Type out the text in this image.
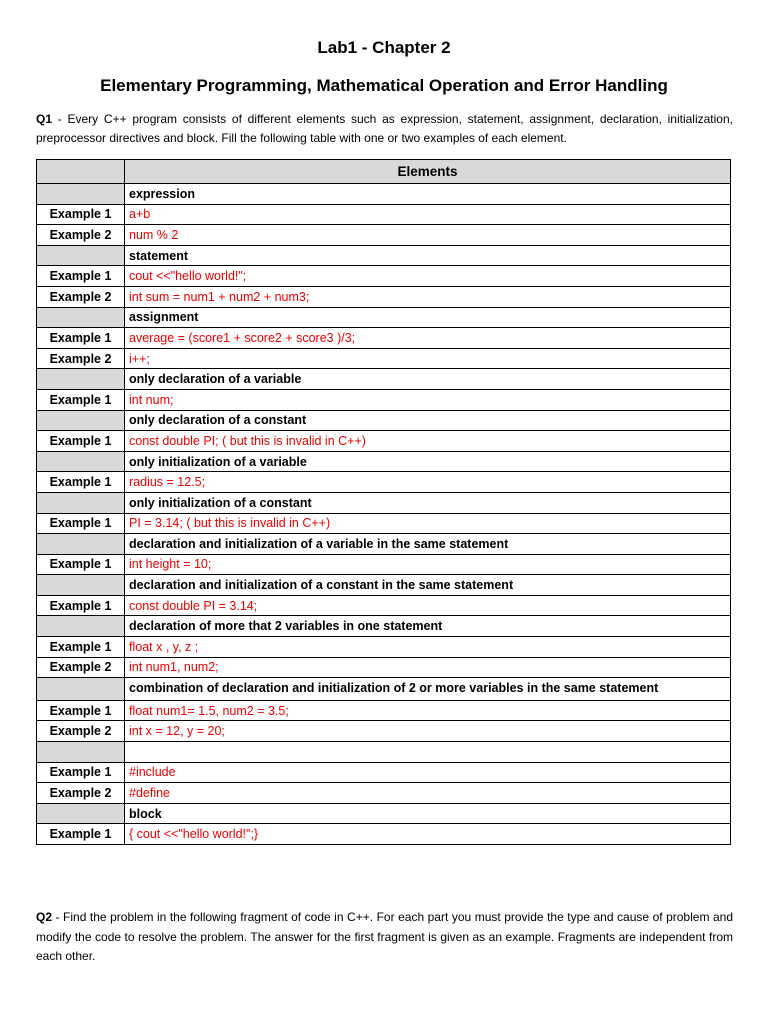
Lab1 - Chapter 2
Elementary Programming, Mathematical Operation and Error Handling
Q1 - Every C++ program consists of different elements such as expression, statement, assignment, declaration, initialization, preprocessor directives and block. Fill the following table with one or two examples of each element.
	Elements
	expression
Example 1	a+b
Example 2	num % 2
	statement
Example 1	cout <<"hello world!";
Example 2	int sum = num1 + num2 + num3;
	assignment
Example 1	average = (score1 + score2 + score3 )/3;
Example 2	i++;
	only declaration of a variable
Example 1	int num;
	only declaration of a constant
Example 1	const double PI; ( but this is invalid in C++)
	only initialization of a variable
Example 1	radius = 12.5;
	only initialization of a constant
Example 1	PI = 3.14; ( but this is invalid in C++)
	declaration and initialization of a variable in the same statement
Example 1	int height = 10;
	declaration and initialization of a constant in the same statement
Example 1	const double PI = 3.14;
	declaration of more that 2 variables in one statement
Example 1	float x , y, z ;
Example 2	int num1, num2;
	combination of declaration and initialization of 2 or more variables in the same statement
Example 1	float num1= 1.5, num2 = 3.5;
Example 2	int x = 12, y = 20;

Example 1	#include
Example 2	#define
	block
Example 1	{ cout <<"hello world!";}
Q2 - Find the problem in the following fragment of code in C++. For each part you must provide the type and cause of problem and modify the code to resolve the problem. The answer for the first fragment is given as an example. Fragments are independent from each other.
